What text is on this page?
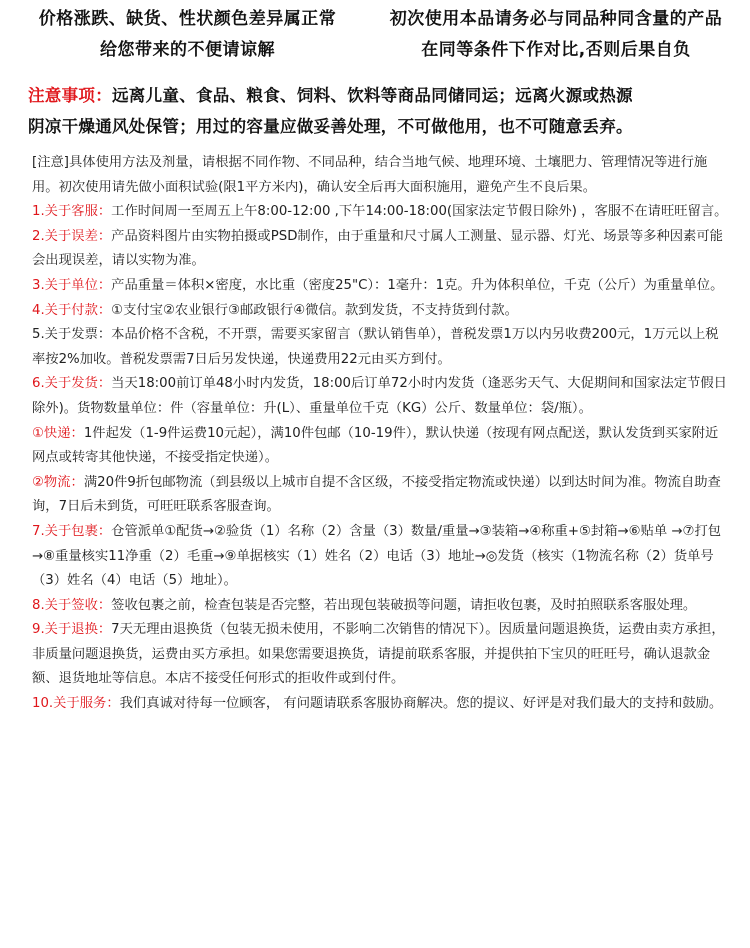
价格涨跌、缺货、性状颜色差异属正常
给您带来的不便请谅解
初次使用本品请务必与同品种同含量的产品
在同等条件下作对比,否则后果自负
注意事项：远离儿童、食品、粮食、饲料、饮料等商品同储同运；远离火源或热源
阴凉干燥通风处保管；用过的容量应做妥善处理，不可做他用，也不可随意丢弃。

[注意]具体使用方法及剂量，请根据不同作物、不同品种，结合当地气候、地理环境、土壤肥力、管理情况等进行施用。初次使用请先做小面积试验(限1平方米内)，确认安全后再大面积施用，避免产生不良后果。

1.关于客服：工作时间周一至周五上午8:00-12:00 ,下午14:00-18:00(国家法定节假日除外) ，客服不在请旺旺留言。

2.关于误差：产品资料图片由实物拍摄或PSD制作，由于重量和尺寸属人工测量、显示器、灯光、场景等多种因素可能会出现误差，请以实物为准。

3.关于单位：产品重量＝体积×密度，水比重（密度25"C）：1毫升：1克。升为体积单位，千克（公斤）为重量单位。

4.关于付款：①支付宝②农业银行③邮政银行④微信。款到发货，不支持货到付款。

5.关于发票：本品价格不含税，不开票，需要买家留言（默认销售单），普税发票1万以内另收费200元，1万元以上税率按2%加收。普税发票需7日后另发快递，快递费用22元由买方到付。

6.关于发货：当天18:00前订单48小时内发货，18:00后订单72小时内发货（逢恶劣天气、大促期间和国家法定节假日除外)。货物数量单位：件（容量单位：升(L）、重量单位千克（KG）公斤、数量单位：袋/瓶）。

①快递：1件起发（1-9件运费10元起），满10件包邮（10-19件），默认快递（按现有网点配送，默认发货到买家附近网点或转寄其他快递，不接受指定快递）。

②物流：满20件9折包邮物流（到县级以上城市自提不含区级，不接受指定物流或快递）以到达时间为准。物流自助查询，7日后未到货，可旺旺联系客服查询。

7.关于包裹：仓管派单①配货→②验货（1）名称（2）含量（3）数量/重量→③装箱→④称重+⑤封箱→⑥贴单 →⑦打包→⑧重量核实11净重（2）毛重→⑨单据核实（1）姓名（2）电话（3）地址→◎发货（核实（1物流名称（2）货单号（3）姓名（4）电话（5）地址）。

8.关于签收：签收包裹之前，检查包装是否完整，若出现包装破损等问题，请拒收包裹，及时拍照联系客服处理。

9.关于退换：7天无理由退换货（包装无损未使用，不影响二次销售的情况下）。因质量问题退换货，运费由卖方承担，非质量问题退换货，运费由买方承担。如果您需要退换货，请提前联系客服，并提供拍下宝贝的旺旺号，确认退款金额、退货地址等信息。本店不接受任何形式的拒收件或到付件。

10.关于服务：我们真诚对待每一位顾客， 有问题请联系客服协商解决。您的提议、好评是对我们最大的支持和鼓励。
